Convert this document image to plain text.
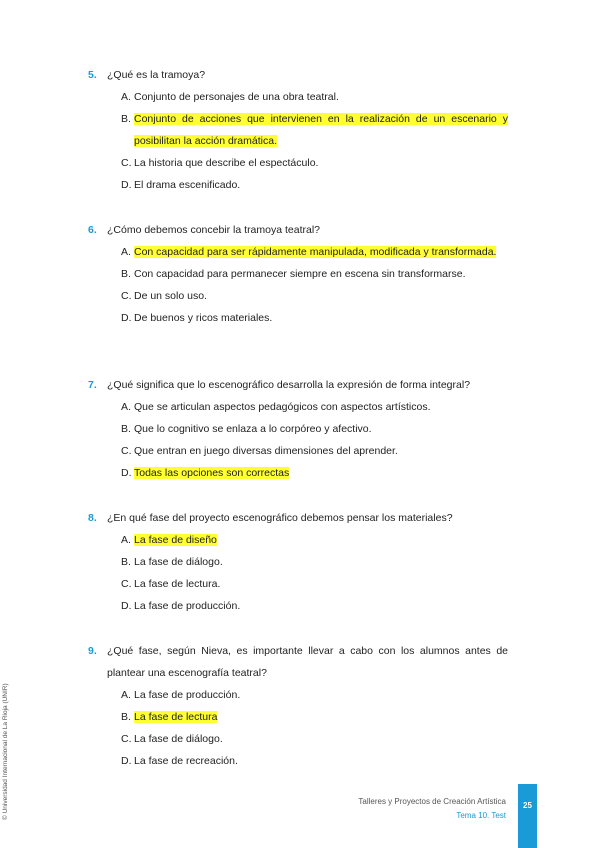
5. ¿Qué es la tramoya?
A. Conjunto de personajes de una obra teatral.
B. Conjunto de acciones que intervienen en la realización de un escenario y posibilitan la acción dramática.
C. La historia que describe el espectáculo.
D. El drama escenificado.
6. ¿Cómo debemos concebir la tramoya teatral?
A. Con capacidad para ser rápidamente manipulada, modificada y transformada.
B. Con capacidad para permanecer siempre en escena sin transformarse.
C. De un solo uso.
D. De buenos y ricos materiales.
7. ¿Qué significa que lo escenográfico desarrolla la expresión de forma integral?
A. Que se articulan aspectos pedagógicos con aspectos artísticos.
B. Que lo cognitivo se enlaza a lo corpóreo y afectivo.
C. Que entran en juego diversas dimensiones del aprender.
D. Todas las opciones son correctas
8. ¿En qué fase del proyecto escenográfico debemos pensar los materiales?
A. La fase de diseño
B. La fase de diálogo.
C. La fase de lectura.
D. La fase de producción.
9. ¿Qué fase, según Nieva, es importante llevar a cabo con los alumnos antes de plantear una escenografía teatral?
A. La fase de producción.
B. La fase de lectura
C. La fase de diálogo.
D. La fase de recreación.
© Universidad Internacional de La Rioja (UNIR)	Talleres y Proyectos de Creación Artística
Tema 10. Test
25
